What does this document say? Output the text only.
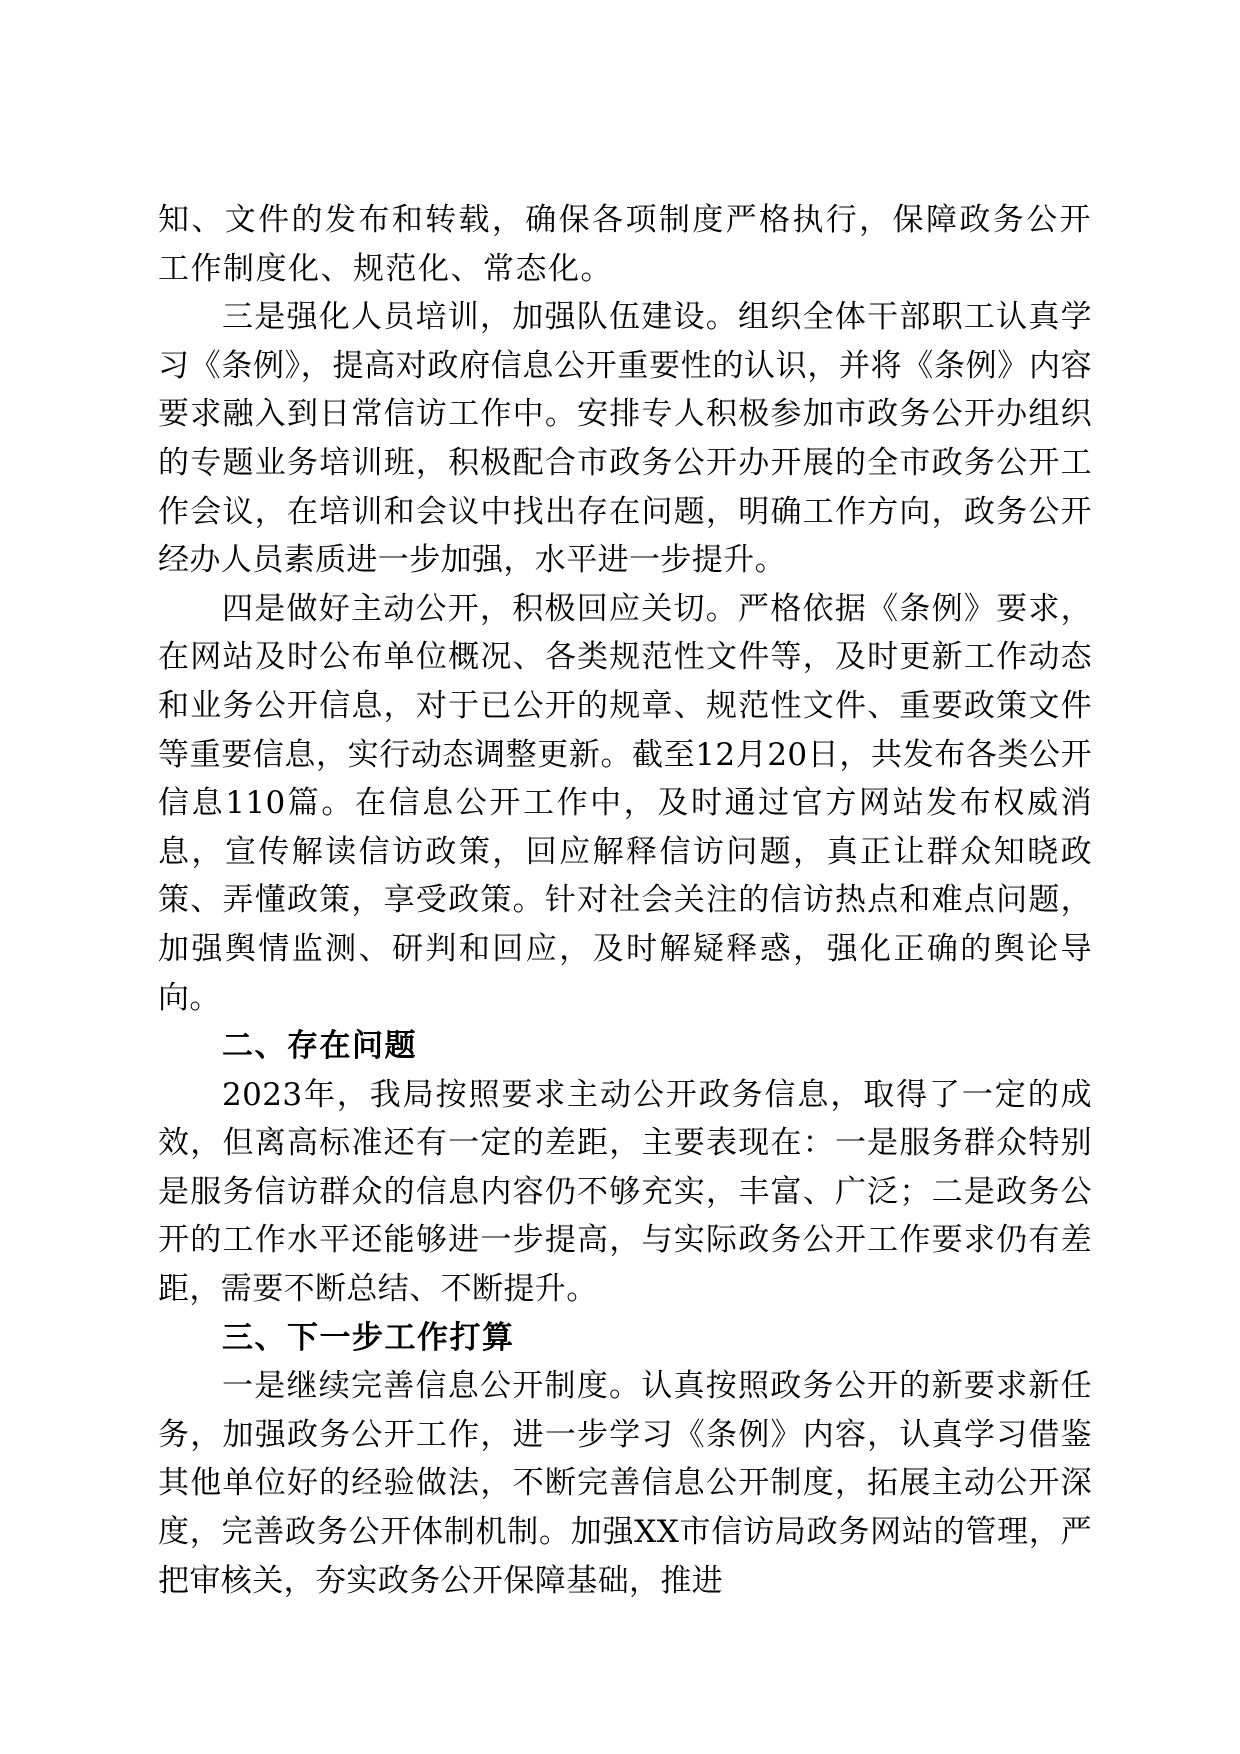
知、文件的发布和转载，确保各项制度严格执行，保障政务公开工作制度化、规范化、常态化。

三是强化人员培训，加强队伍建设。组织全体干部职工认真学习《条例》，提高对政府信息公开重要性的认识，并将《条例》内容要求融入到日常信访工作中。安排专人积极参加市政务公开办组织的专题业务培训班，积极配合市政务公开办开展的全市政务公开工作会议，在培训和会议中找出存在问题，明确工作方向，政务公开经办人员素质进一步加强，水平进一步提升。

四是做好主动公开，积极回应关切。严格依据《条例》要求，在网站及时公布单位概况、各类规范性文件等，及时更新工作动态和业务公开信息，对于已公开的规章、规范性文件、重要政策文件等重要信息，实行动态调整更新。截至12月20日，共发布各类公开信息110篇。在信息公开工作中，及时通过官方网站发布权威消息，宣传解读信访政策，回应解释信访问题，真正让群众知晓政策、弄懂政策，享受政策。针对社会关注的信访热点和难点问题，加强舆情监测、研判和回应，及时解疑释惑，强化正确的舆论导向。

二、存在问题

2023年，我局按照要求主动公开政务信息，取得了一定的成效，但离高标准还有一定的差距，主要表现在：一是服务群众特别是服务信访群众的信息内容仍不够充实，丰富、广泛；二是政务公开的工作水平还能够进一步提高，与实际政务公开工作要求仍有差距，需要不断总结、不断提升。

三、下一步工作打算

一是继续完善信息公开制度。认真按照政务公开的新要求新任务，加强政务公开工作，进一步学习《条例》内容，认真学习借鉴其他单位好的经验做法，不断完善信息公开制度，拓展主动公开深度，完善政务公开体制机制。加强XX市信访局政务网站的管理，严把审核关，夯实政务公开保障基础，推进
